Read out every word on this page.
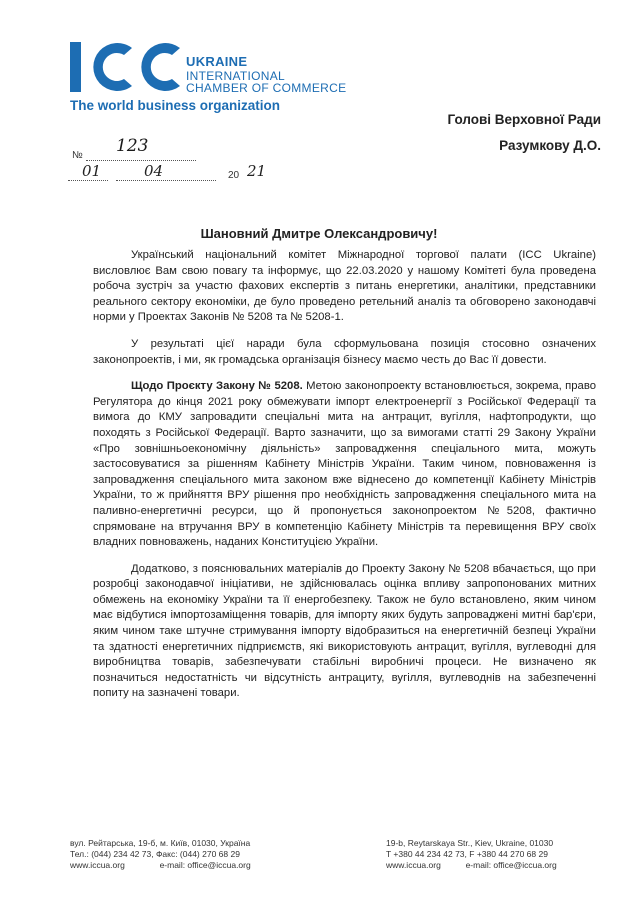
UKRAINE
INTERNATIONAL
CHAMBER OF COMMERCE
The world business organization
Голові Верховної Ради
Разумкову Д.О.
№ 123
01	04	20 21
Шановний Дмитре Олександровичу!

Український національний комітет Міжнародної торгової палати (ICC Ukraine) висловлює Вам свою повагу та інформує, що 22.03.2020 у нашому Комітеті була проведена робоча зустріч за участю фахових експертів з питань енергетики, аналітики, представники реального сектору економіки, де було проведено ретельний аналіз та обговорено законодавчі норми у Проектах Законів № 5208 та № 5208-1.

У результаті цієї наради була сформульована позиція стосовно означених законопроектів, і ми, як громадська організація бізнесу маємо честь до Вас її довести.

Щодо Проєкту Закону № 5208. Метою законопроекту встановлюється, зокрема, право Регулятора до кінця 2021 року обмежувати імпорт електроенергії з Російської Федерації та вимога до КМУ запровадити спеціальні мита на антрацит, вугілля, нафтопродукти, що походять з Російської Федерації. Варто зазначити, що за вимогами статті 29 Закону України «Про зовнішньоекономічну діяльність» запровадження спеціального мита, можуть застосовуватися за рішенням Кабінету Міністрів України. Таким чином, повноваження із запровадження спеціального мита законом вже віднесено до компетенції Кабінету Міністрів України, то ж прийняття ВРУ рішення про необхідність запровадження спеціального мита на паливно-енергетичні ресурси, що й пропонується законопроектом №5208, фактично спрямоване на втручання ВРУ в компетенцію Кабінету Міністрів та перевищення ВРУ своїх владних повноважень, наданих Конституцією України.

Додатково, з пояснювальних матеріалів до Проекту Закону № 5208 вбачається, що при розробці законодавчої ініціативи, не здійснювалась оцінка впливу запропонованих митних обмежень на економіку України та її енергобезпеку. Також не було встановлено, яким чином має відбутися імпортозаміщення товарів, для імпорту яких будуть запроваджені митні бар'єри, яким чином таке штучне стримування імпорту відобразиться на енергетичній безпеці України та здатності енергетичних підприємств, які використовують антрацит, вугілля, вуглеводні для виробництва товарів, забезпечувати стабільні виробничі процеси. Не визначено як позначиться недостатність чи відсутність антрациту, вугілля, вуглеводнів на забезпеченні попиту на зазначені товари.

вул. Рейтарська, 19-б, м. Київ, 01030, Україна
Тел.: (044) 234 42 73, Факс: (044) 270 68 29
www.iccua.org	e-mail: office@iccua.org
19-b, Reytarskaya Str., Kiev, Ukraine, 01030
T +380 44 234 42 73, F +380 44 270 68 29
www.iccua.org	e-mail: office@iccua.org
